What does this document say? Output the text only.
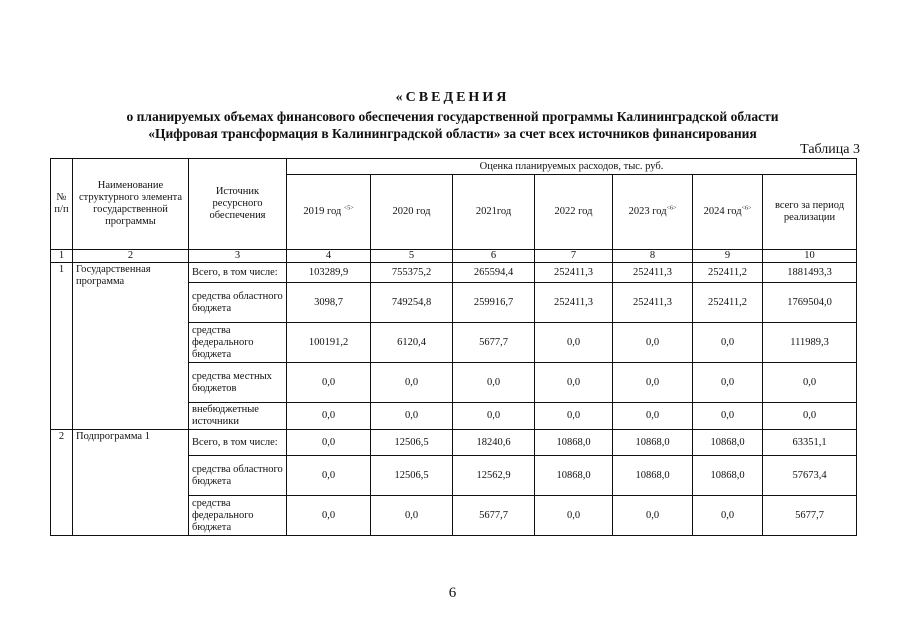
«СВЕДЕНИЯ
о планируемых объемах финансового обеспечения государственной программы Калининградской области
«Цифровая трансформация в Калининградской области» за счет всех источников финансирования
Таблица 3
№ п/п	Наименование структурного элемента государственной программы	Источник ресурсного обеспечения	Оценка планируемых расходов, тыс. руб.						
			2019 год $^{<5>}$	2020 год	2021год	2022 год	2023 год$^{<6>}$	2024 год$^{<6>}$	всего за период реализации
1	2	3	4	5	6	7	8	9	10
1	Государственная программа	Всего, в том числе:	103289,9	755375,2	265594,4	252411,3	252411,3	252411,2	1881493,3
		средства областного бюджета	3098,7	749254,8	259916,7	252411,3	252411,3	252411,2	1769504,0
		средства федерального бюджета	100191,2	6120,4	5677,7	0,0	0,0	0,0	111989,3
		средства местных бюджетов	0,0	0,0	0,0	0,0	0,0	0,0	0,0
		внебюджетные источники	0,0	0,0	0,0	0,0	0,0	0,0	0,0
2	Подпрограмма 1	Всего, в том числе:	0,0	12506,5	18240,6	10868,0	10868,0	10868,0	63351,1
		средства областного бюджета	0,0	12506,5	12562,9	10868,0	10868,0	10868,0	57673,4
		средства федерального бюджета	0,0	0,0	5677,7	0,0	0,0	0,0	5677,7
6
